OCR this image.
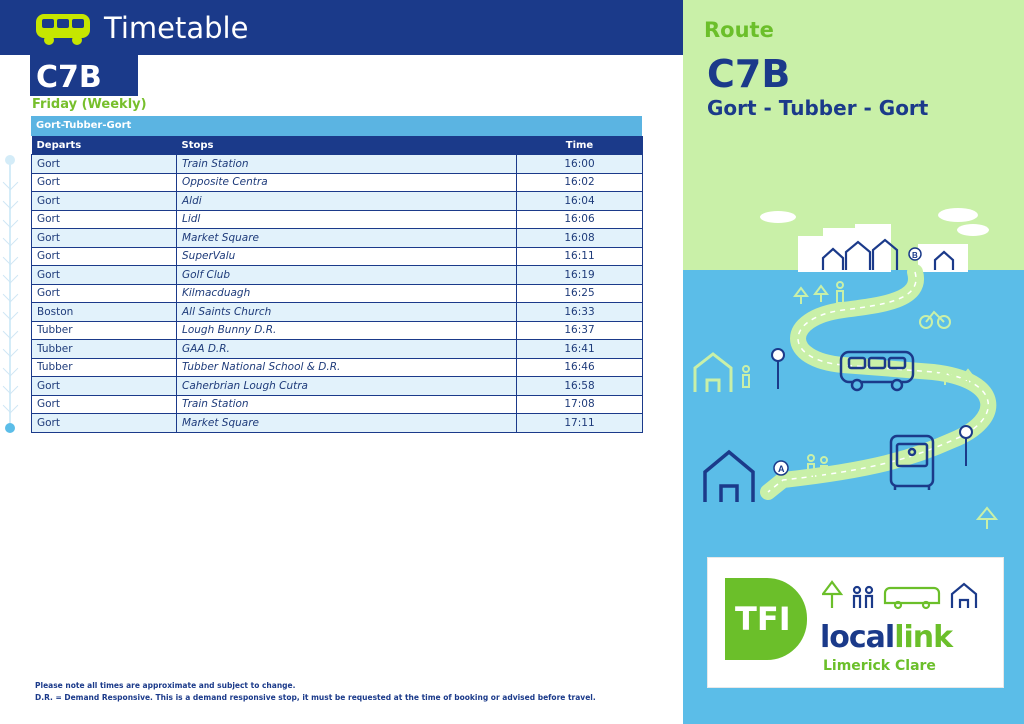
Timetable
C7B
Friday (Weekly)
Gort-Tubber-Gort
Departs	Stops	Time
Gort	Train Station	16:00
Gort	Opposite Centra	16:02
Gort	Aldi	16:04
Gort	Lidl	16:06
Gort	Market Square	16:08
Gort	SuperValu	16:11
Gort	Golf Club	16:19
Gort	Kilmacduagh	16:25
Boston	All Saints Church	16:33
Tubber	Lough Bunny D.R.	16:37
Tubber	GAA D.R.	16:41
Tubber	Tubber National School & D.R.	16:46
Gort	Caherbrian Lough Cutra	16:58
Gort	Train Station	17:08
Gort	Market Square	17:11
Please note all times are approximate and subject to change.
D.R. = Demand Responsive. This is a demand responsive stop, it must be requested at the time of booking or advised before travel.
Route
C7B
Gort - Tubber - Gort
B
A
TFI locallink
Limerick Clare
